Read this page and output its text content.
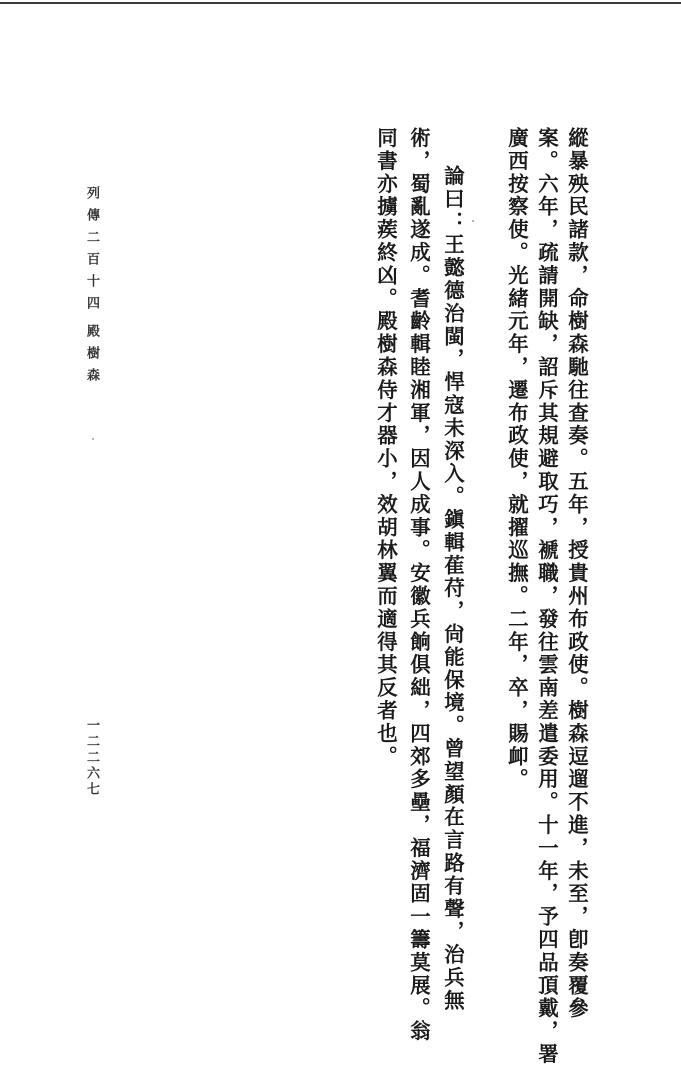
縱暴殃民諸款，命樹森馳往查奏。五年，授貴州布政使。樹森逗遛不進，未至，卽奏覆參
案。六年，疏請開缺，詔斥其規避取巧，褫職，發往雲南差遣委用。十一年，予四品頂戴，署
廣西按察使。光緒元年，遷布政使，就擢巡撫。二年，卒，賜卹。
論曰：王懿德治閩，悍寇未深入。鎭輯萑苻，尙能保境。曾望顏在言路有聲，治兵無
術，蜀亂遂成。耆齡輯睦湘軍，因人成事。安徽兵餉俱絀，四郊多壘，福濟固一籌莫展。翁
同書亦擄蒺終凶。殿樹森侍才器小，效胡林翼而適得其反者也。
列傳二百十四
殿樹森
一二二六七
